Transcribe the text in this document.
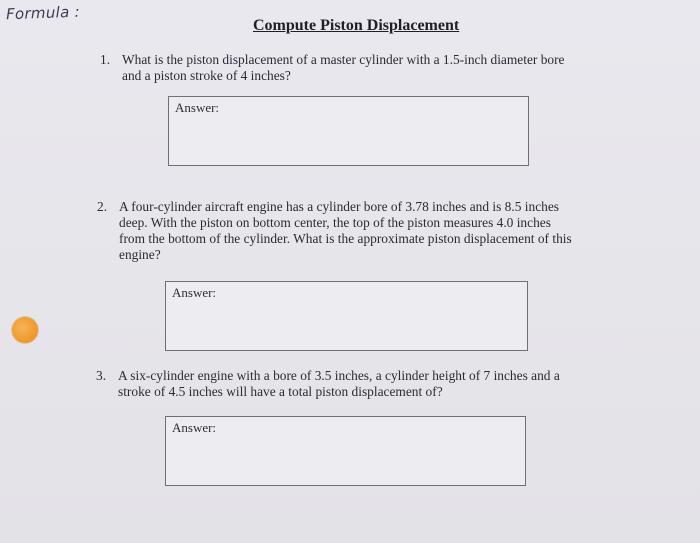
Formula :
Compute Piston Displacement
1. What is the piston displacement of a master cylinder with a 1.5-inch diameter bore
and a piston stroke of 4 inches?
Answer:
2. A four-cylinder aircraft engine has a cylinder bore of 3.78 inches and is 8.5 inches
deep. With the piston on bottom center, the top of the piston measures 4.0 inches
from the bottom of the cylinder. What is the approximate piston displacement of this
engine?
Answer:
3. A six-cylinder engine with a bore of 3.5 inches, a cylinder height of 7 inches and a
stroke of 4.5 inches will have a total piston displacement of?
Answer:
